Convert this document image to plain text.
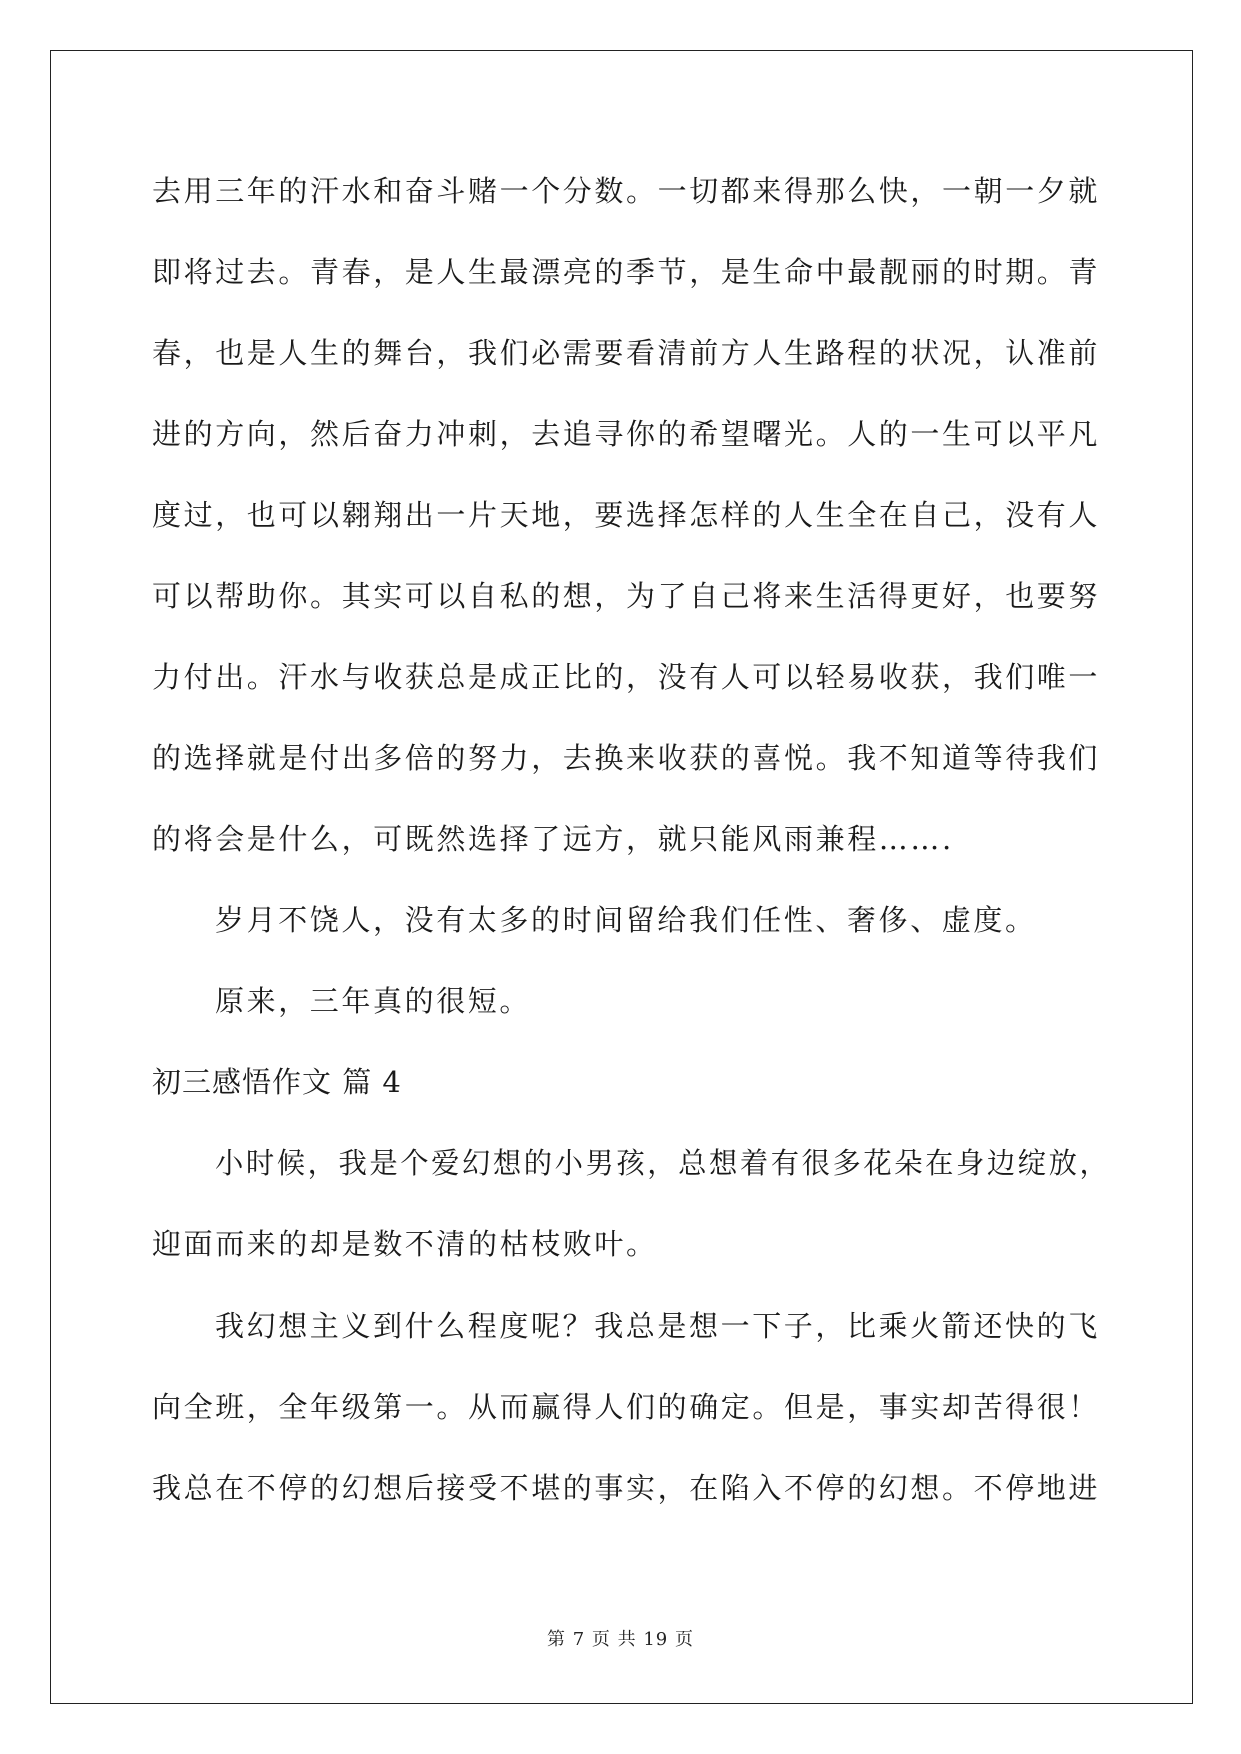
去用三年的汗水和奋斗赌一个分数。一切都来得那么快，一朝一夕就
即将过去。青春，是人生最漂亮的季节，是生命中最靓丽的时期。青
春，也是人生的舞台，我们必需要看清前方人生路程的状况，认准前
进的方向，然后奋力冲刺，去追寻你的希望曙光。人的一生可以平凡
度过，也可以翱翔出一片天地，要选择怎样的人生全在自己，没有人
可以帮助你。其实可以自私的想，为了自己将来生活得更好，也要努
力付出。汗水与收获总是成正比的，没有人可以轻易收获，我们唯一
的选择就是付出多倍的努力，去换来收获的喜悦。我不知道等待我们
的将会是什么，可既然选择了远方，就只能风雨兼程…….
岁月不饶人，没有太多的时间留给我们任性、奢侈、虚度。
原来，三年真的很短。
初三感悟作文 篇 4
小时候，我是个爱幻想的小男孩，总想着有很多花朵在身边绽放，
迎面而来的却是数不清的枯枝败叶。
我幻想主义到什么程度呢？我总是想一下子，比乘火箭还快的飞
向全班，全年级第一。从而赢得人们的确定。但是，事实却苦得很！
我总在不停的幻想后接受不堪的事实，在陷入不停的幻想。不停地进
第 7 页 共 19 页
